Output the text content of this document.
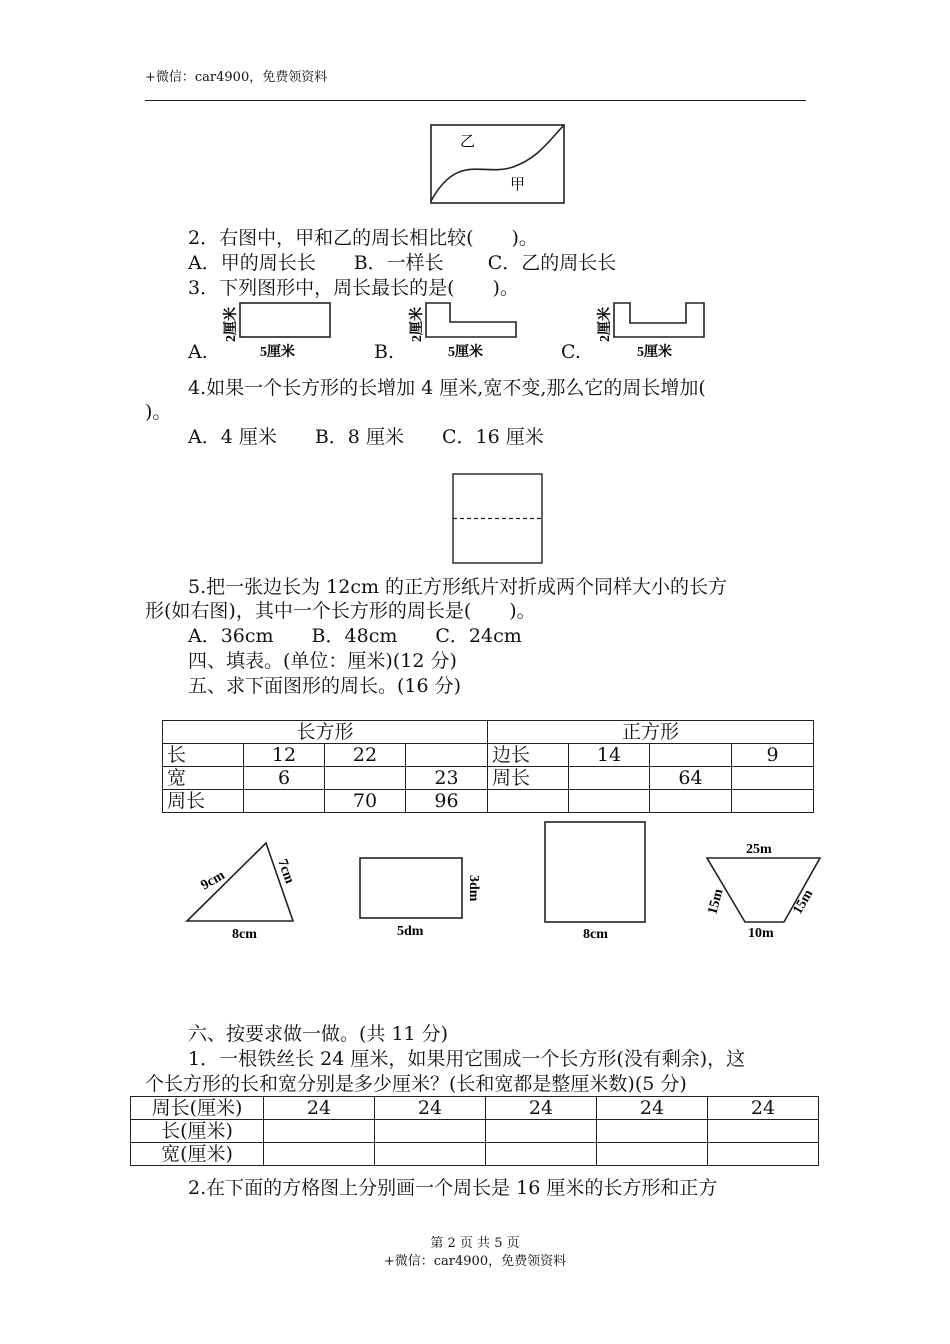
+微信：car4900，免费领资料
乙
甲
2．右图中，甲和乙的周长相比较(　　)。
A．甲的周长长　　B．一样长　　 C．乙的周长长
3．下列图形中，周长最长的是(　　)。
A.
2厘米
5厘米	B.
2厘米
5厘米	C.
2厘米
5厘米
4.如果一个长方形的长增加 4 厘米,宽不变,那么它的周长增加(
)。
A．4 厘米　　B．8 厘米　　C．16 厘米
5.把一张边长为 12cm 的正方形纸片对折成两个同样大小的长方
形(如右图)，其中一个长方形的周长是(　　)。
A．36cm　　B．48cm　　C．24cm
四、填表。(单位：厘米)(12 分)
五、求下面图形的周长。(16 分)
长方形				正方形			
长	12	22		边长	14		9
宽	6		23	周长		64	
周长		70	96				
9cm	7cm
8cm	5dm
3dm
8cm
25m
15m	15m
10m
六、按要求做一做。(共 11 分)
1．一根铁丝长 24 厘米，如果用它围成一个长方形(没有剩余)，这
个长方形的长和宽分别是多少厘米？(长和宽都是整厘米数)(5 分)
周长(厘米)	24	24	24	24	24
长(厘米)					
宽(厘米)					
2.在下面的方格图上分别画一个周长是 16 厘米的长方形和正方
第 2 页 共 5 页
+微信：car4900，免费领资料
